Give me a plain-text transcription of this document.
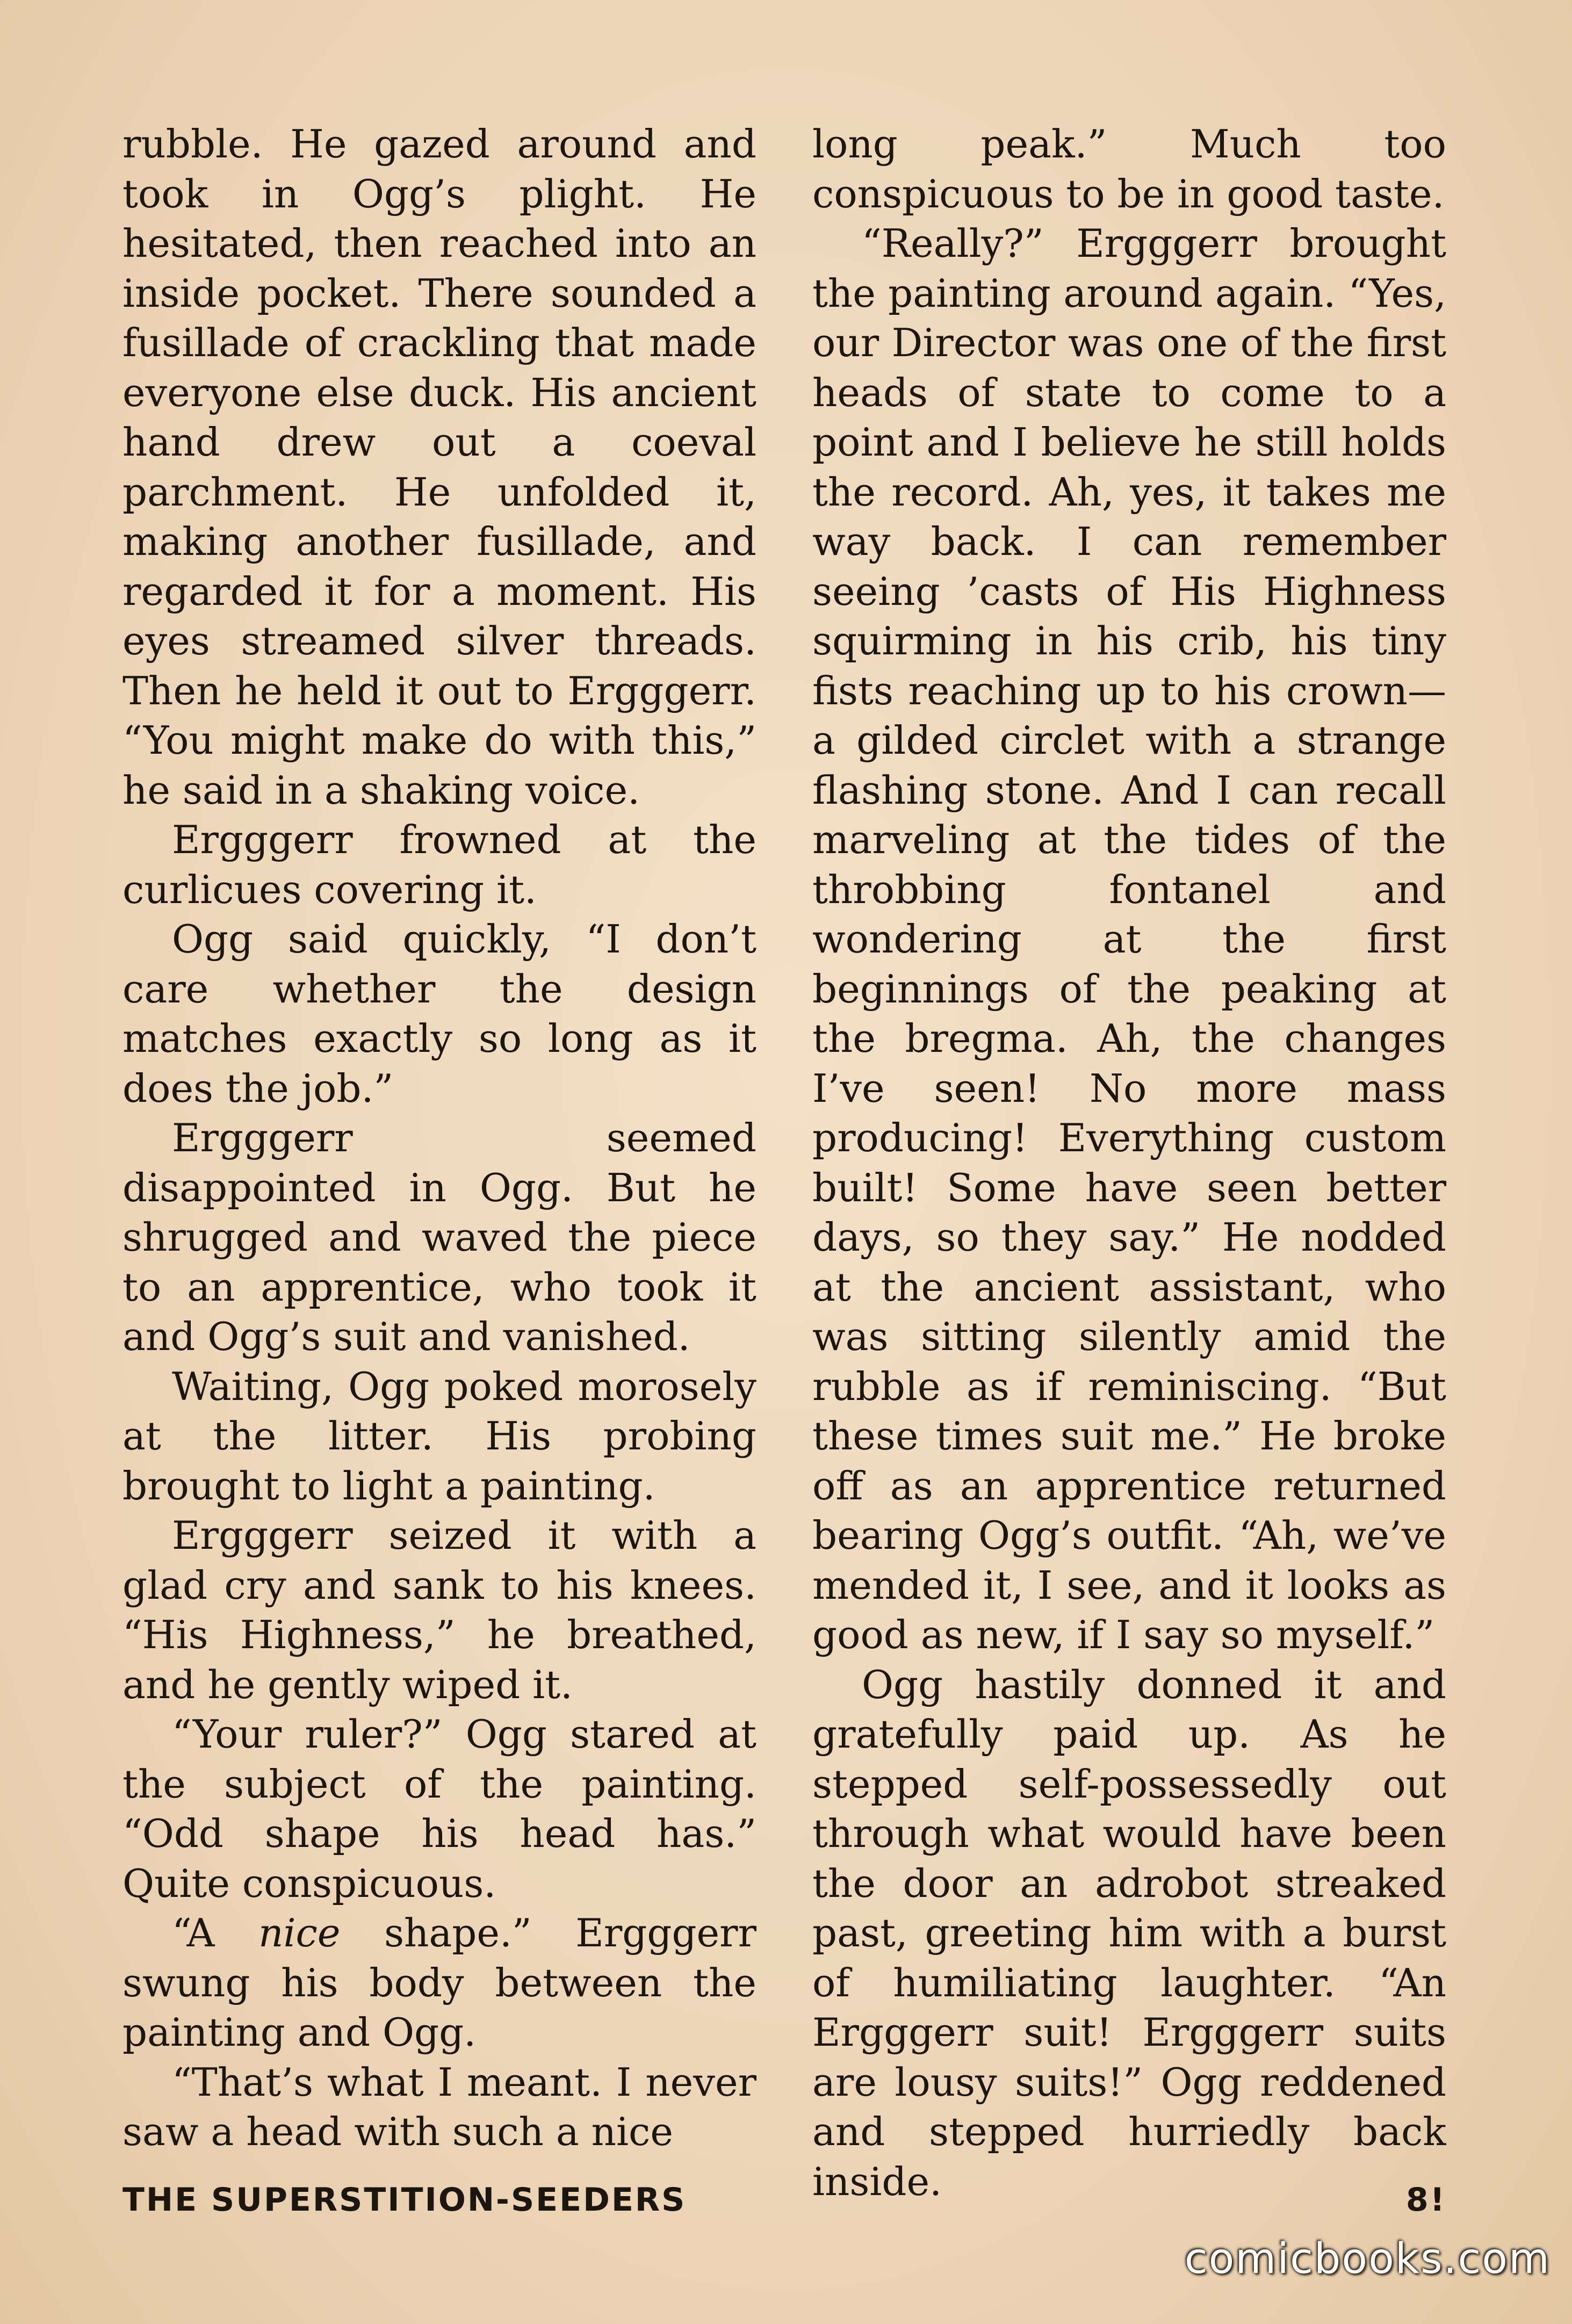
rubble. He gazed around and took in Ogg’s plight. He hesitated, then reached into an inside pocket. There sounded a fusillade of crackling that made everyone else duck. His ancient hand drew out a coeval parchment. He unfolded it, making another fusillade, and regarded it for a moment. His eyes streamed silver threads. Then he held it out to Ergggerr. “You might make do with this,” he said in a shaking voice.

Ergggerr frowned at the curlicues covering it.

Ogg said quickly, “I don’t care whether the design matches exactly so long as it does the job.”

Ergggerr seemed disappointed in Ogg. But he shrugged and waved the piece to an apprentice, who took it and Ogg’s suit and vanished.

Waiting, Ogg poked morosely at the litter. His probing brought to light a painting.

Ergggerr seized it with a glad cry and sank to his knees. “His Highness,” he breathed, and he gently wiped it.

“Your ruler?” Ogg stared at the subject of the painting. “Odd shape his head has.” Quite conspicuous.

“A nice shape.” Ergggerr swung his body between the painting and Ogg.

“That’s what I meant. I never saw a head with such a nice

long peak.” Much too conspicuous to be in good taste.

“Really?” Ergggerr brought the painting around again. “Yes, our Director was one of the first heads of state to come to a point and I believe he still holds the record. Ah, yes, it takes me way back. I can remember seeing ’casts of His Highness squirming in his crib, his tiny fists reaching up to his crown—a gilded circlet with a strange flashing stone. And I can recall marveling at the tides of the throbbing fontanel and wondering at the first beginnings of the peaking at the bregma. Ah, the changes I’ve seen! No more mass producing! Everything custom built! Some have seen better days, so they say.” He nodded at the ancient assistant, who was sitting silently amid the rubble as if reminiscing. “But these times suit me.” He broke off as an apprentice returned bearing Ogg’s outfit. “Ah, we’ve mended it, I see, and it looks as good as new, if I say so myself.”

Ogg hastily donned it and gratefully paid up. As he stepped self-possessedly out through what would have been the door an adrobot streaked past, greeting him with a burst of humiliating laughter. “An Ergggerr suit! Ergggerr suits are lousy suits!” Ogg reddened and stepped hurriedly back inside.

THE SUPERSTITION-SEEDERS	8!
comicbooks.com
